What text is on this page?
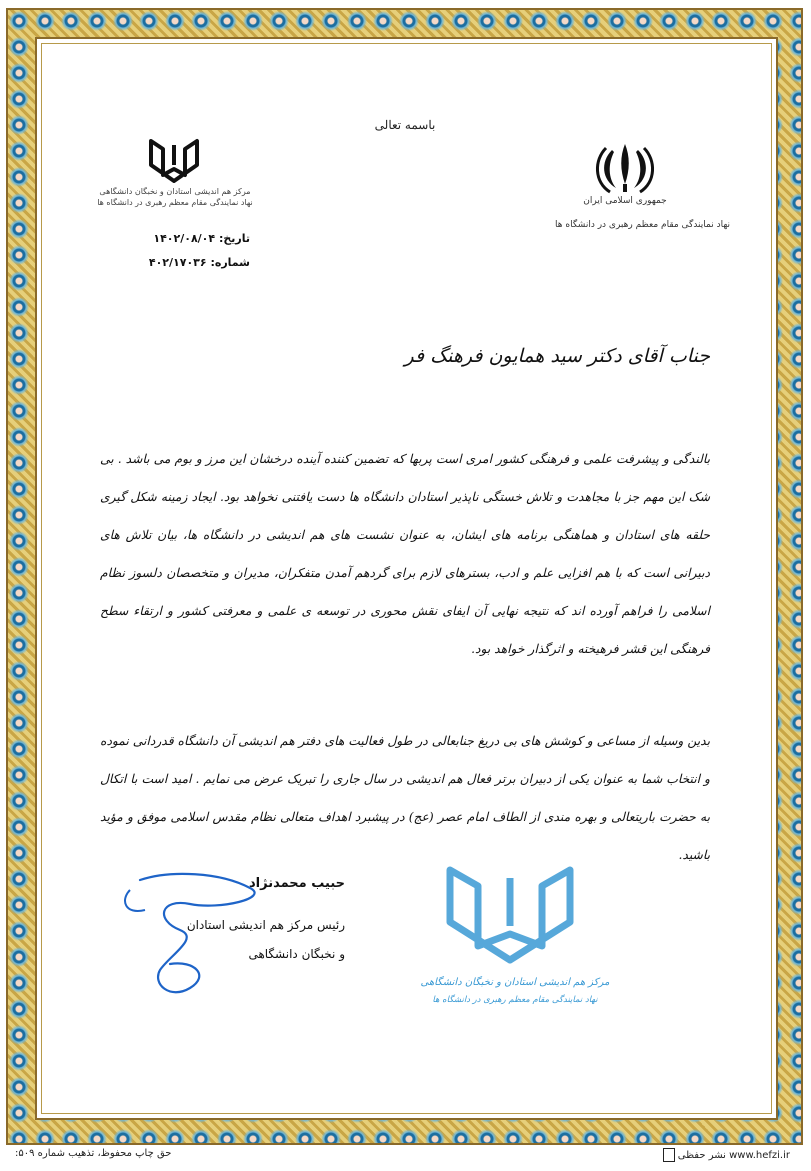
باسمه تعالی
جمهوری اسلامی ایران
نهاد نمایندگی مقام معظم رهبری در دانشگاه ها
مرکز هم اندیشی استادان و نخبگان دانشگاهی
نهاد نمایندگی مقام معظم رهبری در دانشگاه ها
تاریخ: ۱۴۰۲/۰۸/۰۴
شماره: ۴۰۲/۱۷۰۳۶
جناب آقای دکتر سید همایون فرهنگ فر
بالندگی و پیشرفت علمی و فرهنگی کشور امری است پربها که تضمین کننده آینده درخشان این مرز و بوم می باشد . بی شک این مهم جز با مجاهدت و تلاش خستگی ناپذیر استادان دانشگاه ها دست یافتنی نخواهد بود. ایجاد زمینه شکل گیری حلقه های استادان و هماهنگی برنامه های ایشان، به عنوان نشست های هم اندیشی در دانشگاه ها، بیان تلاش های دبیرانی است که با هم افزایی علم و ادب، بسترهای لازم برای گردهم آمدن متفکران، مدیران و متخصصان دلسوز نظام اسلامی را فراهم آورده اند که نتیجه نهایی آن ایفای نقش محوری در توسعه ی علمی و معرفتی کشور و ارتقاء سطح فرهنگی این قشر فرهیخته و اثرگذار خواهد بود.
بدین وسیله از مساعی و کوشش های بی دریغ جنابعالی در طول فعالیت های دفتر هم اندیشی آن دانشگاه قدردانی نموده و انتخاب شما به عنوان یکی از دبیران برتر فعال هم اندیشی در سال جاری را تبریک عرض می نمایم . امید است با اتکال به حضرت باریتعالی و بهره مندی از الطاف امام عصر (عج) در پیشبرد اهداف متعالی نظام مقدس اسلامی موفق و مؤید باشید.
حبیب محمدنژاد
رئیس مرکز هم اندیشی استادان
و نخبگان دانشگاهی
مرکز هم اندیشی استادان و نخبگان دانشگاهی
نهاد نمایندگی مقام معظم رهبری در دانشگاه ها
www.hefzi.ir نشر حفظی
حق چاپ محفوظ، تذهیب شماره ۵۰۹:
